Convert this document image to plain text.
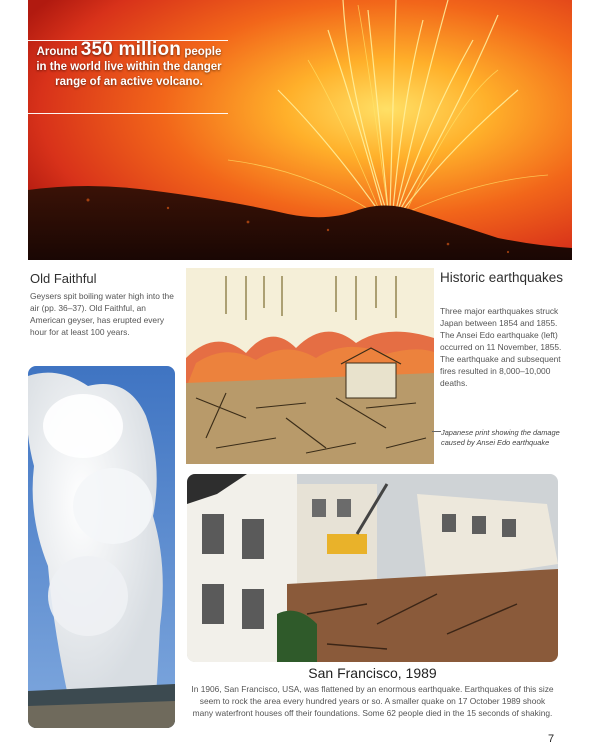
Around 350 million people in the world live within the danger range of an active volcano.
Old Faithful
Geysers spit boiling water high into the air (pp. 36–37). Old Faithful, an American geyser, has erupted every hour for at least 100 years.
Historic earthquakes
Three major earthquakes struck Japan between 1854 and 1855. The Ansei Edo earthquake (left) occurred on 11 November, 1855. The earthquake and subsequent fires resulted in 8,000–10,000 deaths.
Japanese print showing the damage caused by Ansei Edo earthquake
San Francisco, 1989
In 1906, San Francisco, USA, was flattened by an enormous earthquake. Earthquakes of this size seem to rock the area every hundred years or so. A smaller quake on 17 October 1989 shook many waterfront houses off their foundations. Some 62 people died in the 15 seconds of shaking.
7
